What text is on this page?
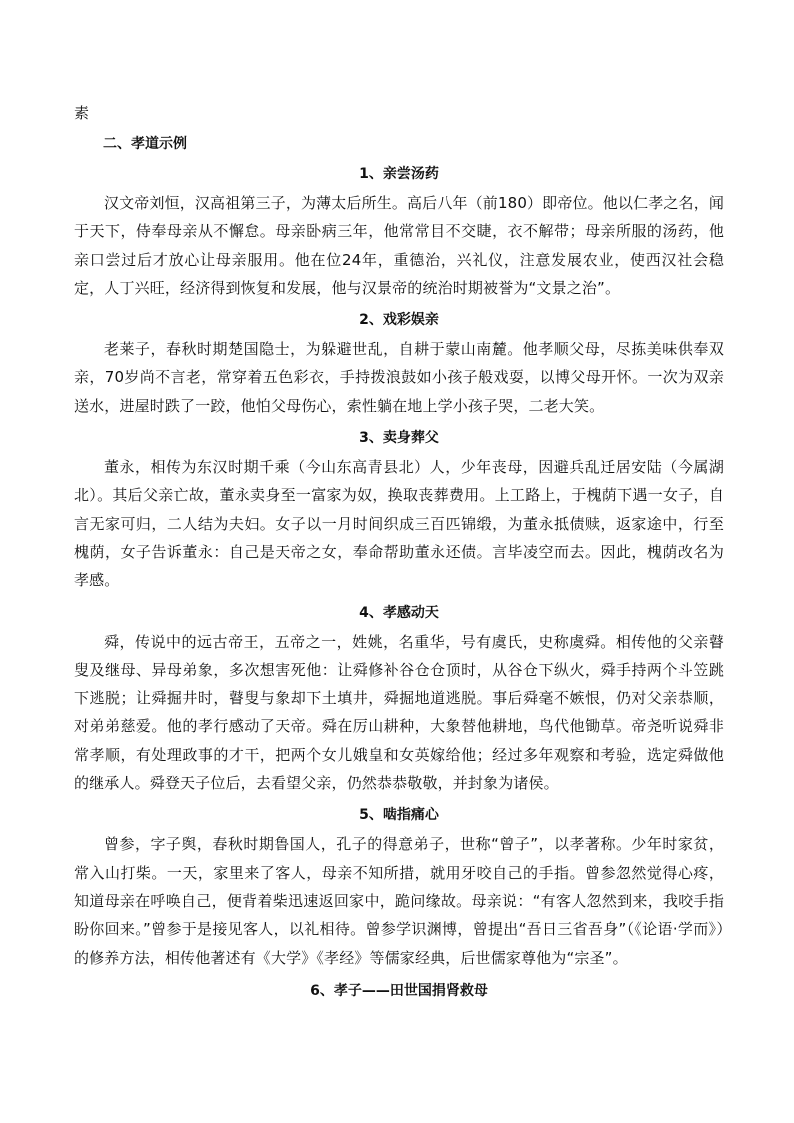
素
二、孝道示例
1、亲尝汤药

汉文帝刘恒，汉高祖第三子，为薄太后所生。高后八年（前180）即帝位。他以仁孝之名，闻于天下，侍奉母亲从不懈怠。母亲卧病三年，他常常目不交睫，衣不解带；母亲所服的汤药，他亲口尝过后才放心让母亲服用。他在位24年，重德治，兴礼仪，注意发展农业，使西汉社会稳定，人丁兴旺，经济得到恢复和发展，他与汉景帝的统治时期被誉为“文景之治”。

2、戏彩娱亲

老莱子，春秋时期楚国隐士，为躲避世乱，自耕于蒙山南麓。他孝顺父母，尽拣美味供奉双亲，70岁尚不言老，常穿着五色彩衣，手持拨浪鼓如小孩子般戏耍，以博父母开怀。一次为双亲送水，进屋时跌了一跤，他怕父母伤心，索性躺在地上学小孩子哭，二老大笑。

3、卖身葬父

董永，相传为东汉时期千乘（今山东高青县北）人，少年丧母，因避兵乱迁居安陆（今属湖北）。其后父亲亡故，董永卖身至一富家为奴，换取丧葬费用。上工路上，于槐荫下遇一女子，自言无家可归，二人结为夫妇。女子以一月时间织成三百匹锦缎，为董永抵债赎，返家途中，行至槐荫，女子告诉董永：自己是天帝之女，奉命帮助董永还债。言毕凌空而去。因此，槐荫改名为孝感。

4、孝感动天

舜，传说中的远古帝王，五帝之一，姓姚，名重华，号有虞氏，史称虞舜。相传他的父亲瞽叟及继母、异母弟象，多次想害死他：让舜修补谷仓仓顶时，从谷仓下纵火，舜手持两个斗笠跳下逃脱；让舜掘井时，瞽叟与象却下土填井，舜掘地道逃脱。事后舜毫不嫉恨，仍对父亲恭顺，对弟弟慈爱。他的孝行感动了天帝。舜在厉山耕种，大象替他耕地，鸟代他锄草。帝尧听说舜非常孝顺，有处理政事的才干，把两个女儿娥皇和女英嫁给他；经过多年观察和考验，选定舜做他的继承人。舜登天子位后，去看望父亲，仍然恭恭敬敬，并封象为诸侯。

5、啮指痛心

曾参，字子舆，春秋时期鲁国人，孔子的得意弟子，世称“曾子”，以孝著称。少年时家贫，常入山打柴。一天，家里来了客人，母亲不知所措，就用牙咬自己的手指。曾参忽然觉得心疼，知道母亲在呼唤自己，便背着柴迅速返回家中，跪问缘故。母亲说：“有客人忽然到来，我咬手指盼你回来。”曾参于是接见客人，以礼相待。曾参学识渊博，曾提出“吾日三省吾身”（《论语·学而》）的修养方法，相传他著述有《大学》《孝经》等儒家经典，后世儒家尊他为“宗圣”。

6、孝子——田世国捐肾救母
